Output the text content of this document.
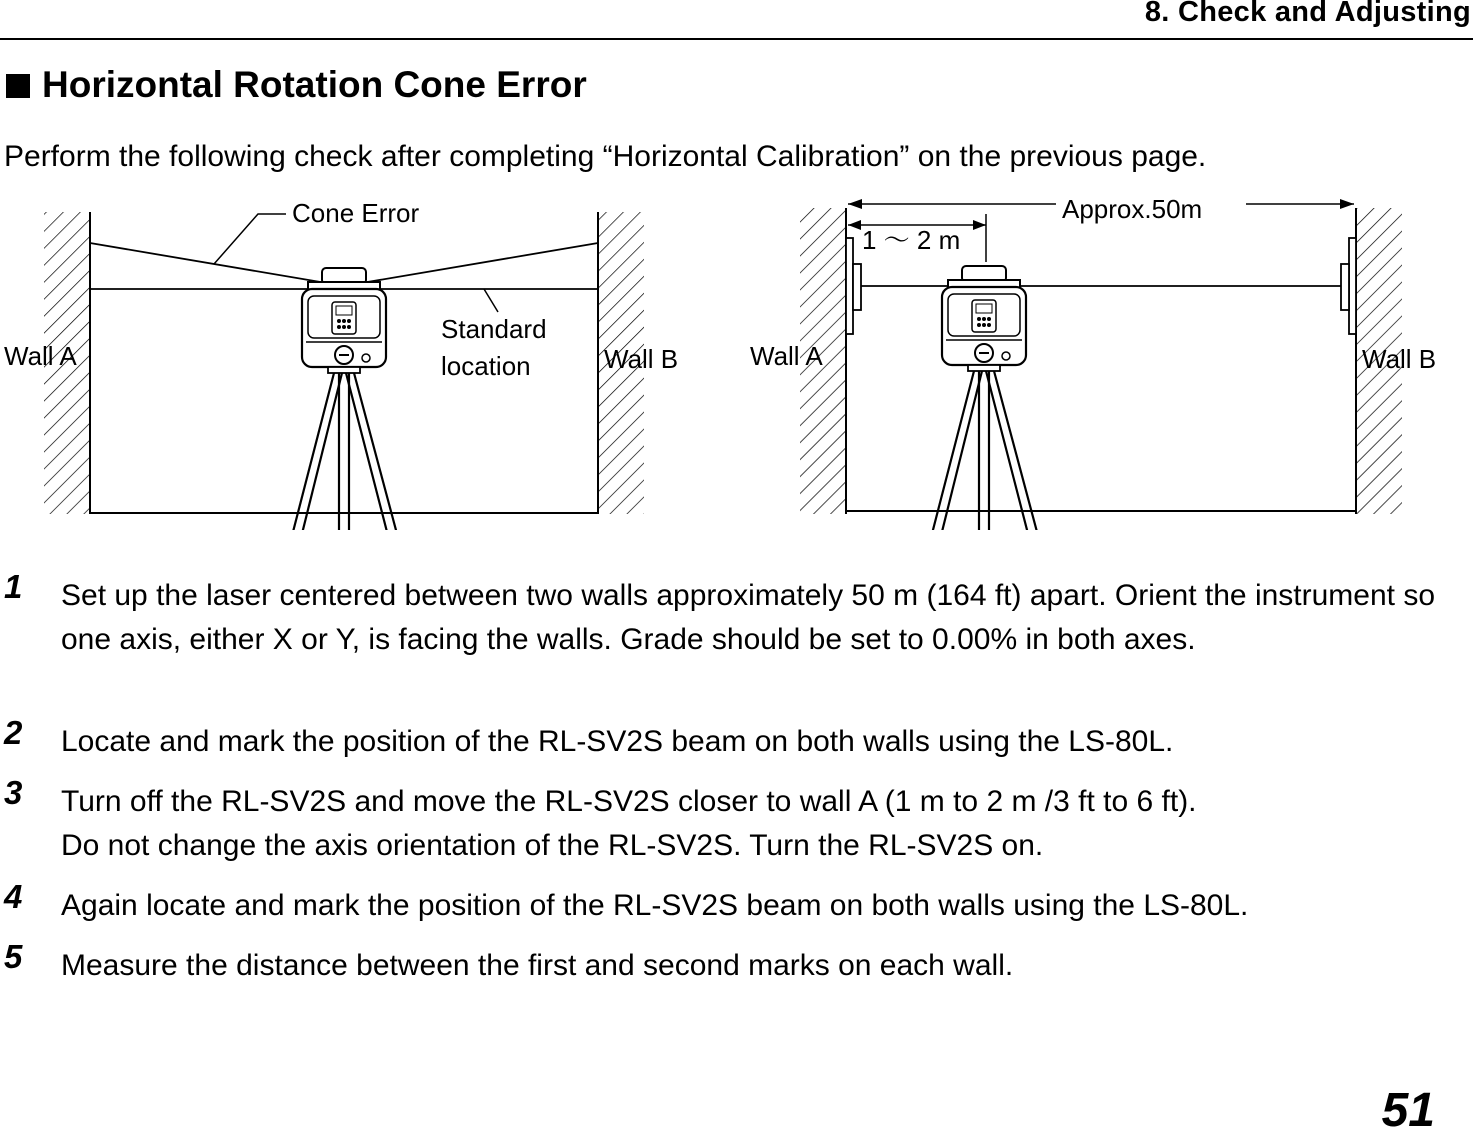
8. Check and Adjusting
Horizontal Rotation Cone Error
Perform the following check after completing “Horizontal Calibration” on the previous page.
Cone Error
Standard
location
Wall A	Wall B
Approx.50m
1 ～ 2 m
Wall A	Wall B
1 Set up the laser centered between two walls approximately 50 m (164 ft) apart. Orient the instrument so one axis, either X or Y, is facing the walls. Grade should be set to 0.00% in both axes.
2 Locate and mark the position of the RL-SV2S beam on both walls using the LS-80L.
3 Turn off the RL-SV2S and move the RL-SV2S closer to wall A (1 m to 2 m /3 ft to 6 ft).
Do not change the axis orientation of the RL-SV2S. Turn the RL-SV2S on.
4 Again locate and mark the position of the RL-SV2S beam on both walls using the LS-80L.
5 Measure the distance between the first and second marks on each wall.
51
